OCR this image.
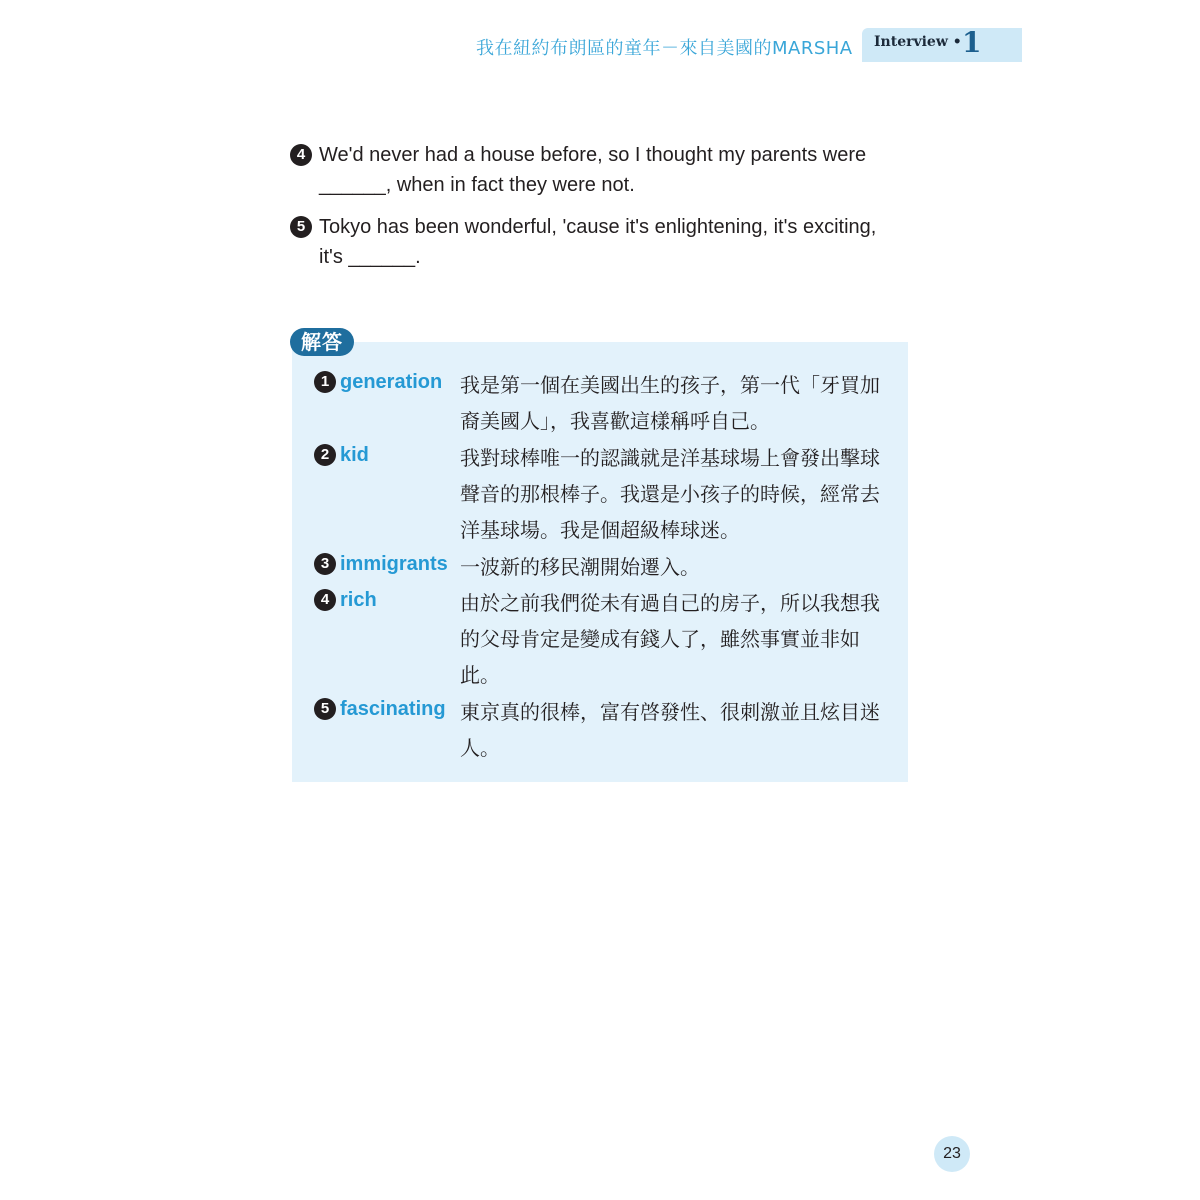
我在紐約布朗區的童年－來自美國的MARSHA Interview • 1
4 We'd never had a house before, so I thought my parents were
______, when in fact they were not.
5 Tokyo has been wonderful, 'cause it's enlightening, it's exciting,
it's ______.
解答
1 generation 我是第一個在美國出生的孩子，第一代「牙買加裔美國人」，我喜歡這樣稱呼自己。
2 kid	我對球棒唯一的認識就是洋基球場上會發出擊球聲音的那根棒子。我還是小孩子的時候，經常去洋基球場。我是個超級棒球迷。
3 immigrants 一波新的移民潮開始遷入。
4 rich	由於之前我們從未有過自己的房子，所以我想我的父母肯定是變成有錢人了，雖然事實並非如此。
5 fascinating 東京真的很棒，富有啓發性、很刺激並且炫目迷人。
23
